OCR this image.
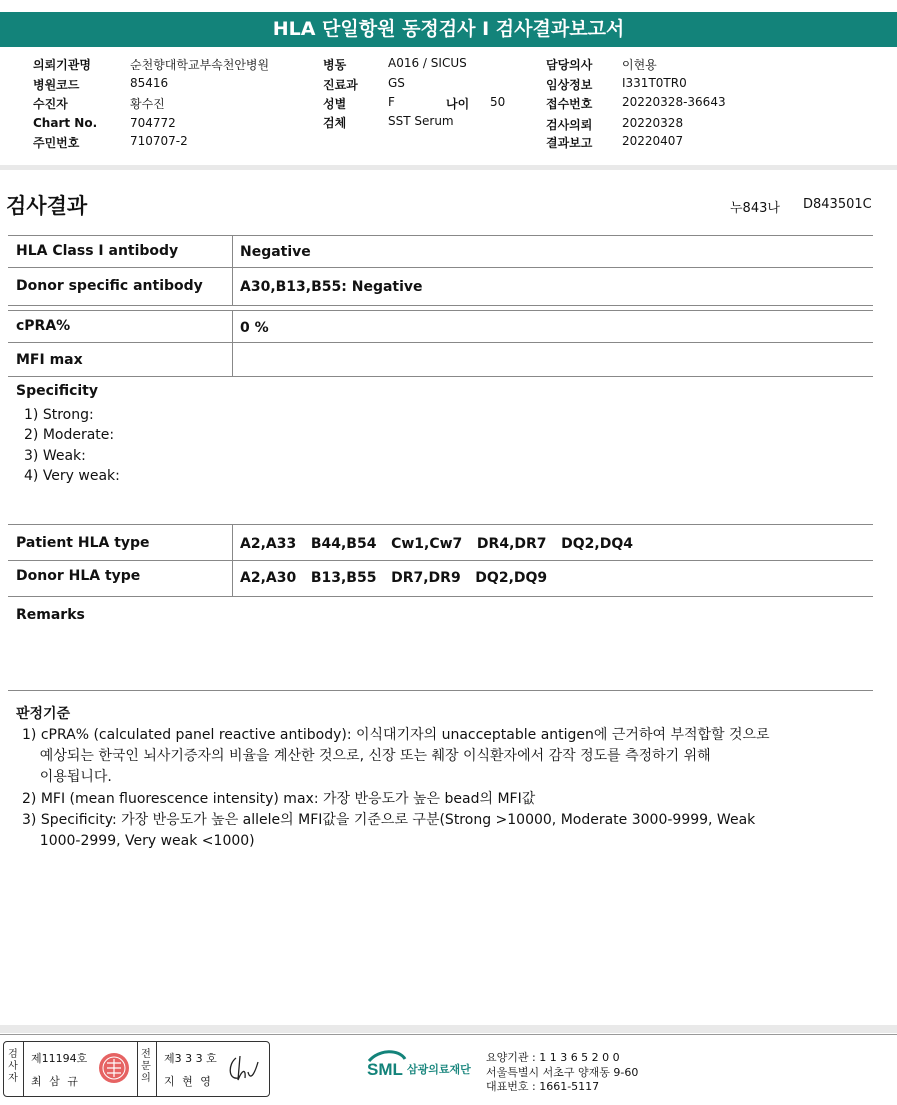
HLA 단일항원 동정검사 I 검사결과보고서
의뢰기관명	순천향대학교부속천안병원
병원코드	85416
수진자	황수진
Chart No.	704772
주민번호	710707-2
병동	A016 / SICUS
진료과	GS
성별	F	나이 50
검체	SST Serum
담당의사 이현용
임상정보 I331T0TR0
접수번호 20220328-36643
검사의뢰 20220328
결과보고 20220407
검사결과	누843나 D843501C
HLA Class I antibody	Negative
Donor specific antibody	A30,B13,B55: Negative
cPRA%	0 %
MFI max
Specificity
1) Strong:
2) Moderate:
3) Weak:
4) Very weak:
Patient HLA type	A2,A33   B44,B54   Cw1,Cw7   DR4,DR7   DQ2,DQ4
Donor HLA type	A2,A30   B13,B55   DR7,DR9   DQ2,DQ9
Remarks
판정기준
1) cPRA% (calculated panel reactive antibody): 이식대기자의 unacceptable antigen에 근거하여 부적합할 것으로
예상되는 한국인 뇌사기증자의 비율을 계산한 것으로, 신장 또는 췌장 이식환자에서 감작 정도를 측정하기 위해
이용됩니다.
2) MFI (mean fluorescence intensity) max: 가장 반응도가 높은 bead의 MFI값
3) Specificity: 가장 반응도가 높은 allele의 MFI값을 기준으로 구분(Strong >10000, Moderate 3000-9999, Weak
1000-2999, Very weak <1000)
검사자
제11194호
최 삼 규
전문의
제3 3 3 호
지 현 영
SML 삼광의료재단
요양기관 : 1 1 3 6 5 2 0 0
서울특별시 서초구 양재동 9-60
대표번호 : 1661-5117
